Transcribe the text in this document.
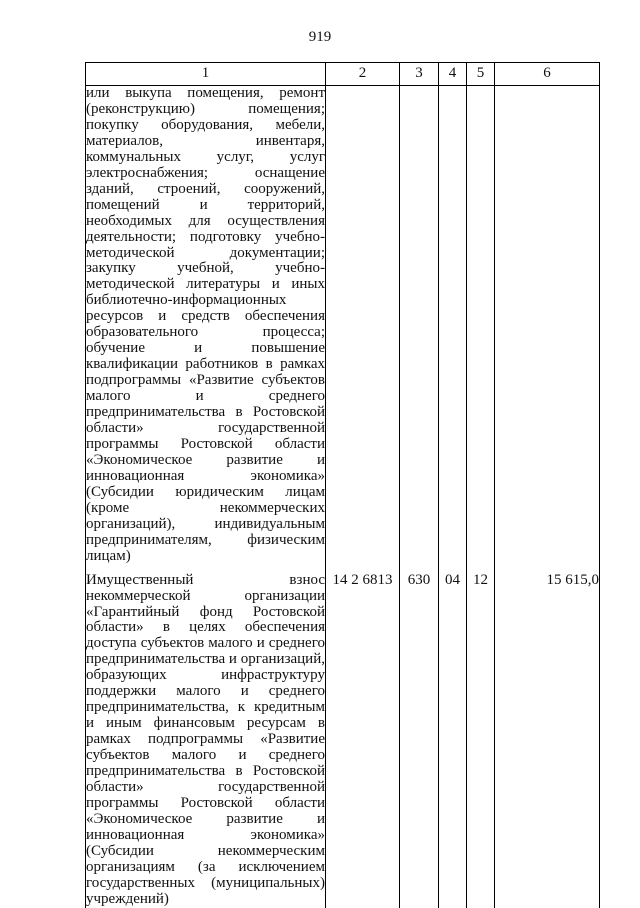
919
1	2	3	4	5	6

или выкупа помещения, ремонт (реконструкцию) помещения; покупку оборудования, мебели, материалов, инвентаря, коммунальных услуг, услуг электроснабжения; оснащение зданий, строений, сооружений, помещений и территорий, необходимых для осуществления деятельности; подготовку учебно-методической документации; закупку учебной, учебно-методической литературы и иных библиотечно-информационных ресурсов и средств обеспечения образовательного процесса; обучение и повышение квалификации работников в рамках подпрограммы «Развитие субъектов малого и среднего предпринимательства в Ростовской области» государственной программы Ростовской области «Экономическое развитие и инновационная экономика» (Субсидии юридическим лицам (кроме некоммерческих организаций), индивидуальным предпринимателям, физическим лицам)					

Имущественный взнос некоммерческой организации «Гарантийный фонд Ростовской области» в целях обеспечения доступа субъектов малого и среднего предпринимательства и организаций, образующих инфраструктуру поддержки малого и среднего предпринимательства, к кредитным и иным финансовым ресурсам в рамках подпрограммы «Развитие субъектов малого и среднего предпринимательства в Ростовской области» государственной программы Ростовской области «Экономическое развитие и инновационная экономика» (Субсидии некоммерческим организациям (за исключением государственных (муниципальных) учреждений)	14 2 6813	630	04	12	15 615,0
